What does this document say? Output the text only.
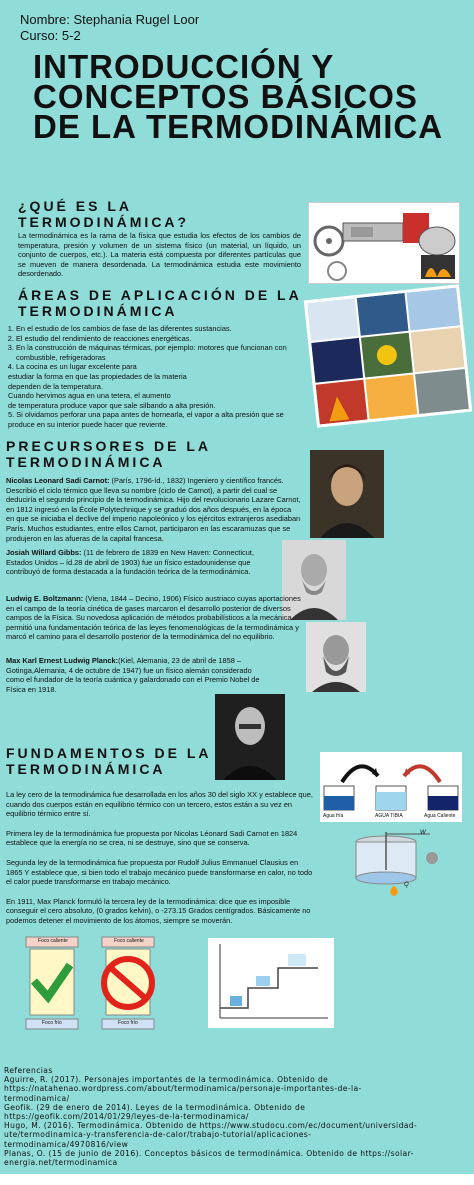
Nombre: Stephania Rugel Loor
Curso: 5-2
INTRODUCCIÓN Y CONCEPTOS BÁSICOS DE LA TERMODINÁMICA
¿QUÉ ES LA
TERMODINÁMICA?
La termodinámica es la rama de la física que estudia los efectos de los cambios de temperatura, presión y volumen de un sistema físico (un material, un líquido, un conjunto de cuerpos, etc.). La materia está compuesta por diferentes partículas que se mueven de manera desordenada. La termodinámica estudia este movimiento desordenado.
ÁREAS DE APLICACIÓN DE LA
TERMODINÁMICA
1. En el estudio de los cambios de fase de las diferentes sustancias.
2. El estudio del rendimiento de reacciones energéticas.
3. En la construcción de máquinas térmicas, por ejemplo: motores que funcionan con combustible, refrigeradoras
4. La cocina es un lugar excelente para
estudiar la forma en que las propiedades de la materia
dependen de la temperatura.
Cuando hervimos agua en una tetera, el aumento
de temperatura produce vapor que sale silbando a alta presión.
5. Si olvidamos perforar una papa antes de hornearla, el vapor a alta presión que se
produce en su interior puede hacer que reviente.
PRECURSORES DE LA
TERMODINÁMICA
Nicolas Leonard Sadi Carnot: (París, 1796-íd., 1832) Ingeniero y científico francés. Describió el ciclo térmico que lleva su nombre (ciclo de Carnot), a partir del cual se deduciría el segundo principio de la termodinámica. Hijo del revolucionario Lazare Carnot, en 1812 ingresó en la École Polytechnique y se graduó dos años después, en la época en que se iniciaba el declive del imperio napoleónico y los ejércitos extranjeros asediaban París. Muchos estudiantes, entre ellos Carnot, participaron en las escaramuzas que se produjeron en las afueras de la capital francesa.
Josiah Willard Gibbs: (11 de febrero de 1839 en New Haven: Connecticut, Estados Unidos – íd.28 de abril de 1903) fue un físico estadounidense que contribuyó de forma destacada a la fundación teórica de la termodinámica.
Ludwig E. Boltzmann: (Viena, 1844 – Decino, 1906) Físico austriaco cuyas aportaciones en el campo de la teoría cinética de gases marcaron el desarrollo posterior de diversos campos de la Física. Su novedosa aplicación de métodos probabilísticos a la mecánica permitió una fundamentación teórica de las leyes fenomenológicas de la termodinámica y marcó el camino para el desarrollo posterior de la termodinámica del no equilibrio.
Max Karl Ernest Ludwig Planck:(Kiel, Alemania, 23 de abril de 1858 – Gotinga,Alemania, 4 de octubre de 1947) fue un físico alemán considerado como el fundador de la teoría cuántica y galardonado con el Premio Nobel de Física en 1918.
FUNDAMENTOS DE LA
TERMODINÁMICA

La ley cero de la termodinámica fue desarrollada en los años 30 del siglo XX y establece que, cuando dos cuerpos están en equilibrio térmico con un tercero, estos están a su vez en equilibrio térmico entre sí.

Primera ley de la termodinámica fue propuesta por Nicolas Léonard Sadi Carnot en 1824 establece que la energía no se crea, ni se destruye, sino que se conserva.

Segunda ley de la termodinámica fue propuesta por Rudolf Julius Emmanuel Clausius en 1865 Y establece que, si bien todo el trabajo mecánico puede transformarse en calor, no todo el calor puede transformarse en trabajo mecánico.

En 1911, Max Planck formuló la tercera ley de la termodinámica: dice que es imposible conseguir el cero absoluto, (0 grados kelvin), o -273.15 Grados centígrados. Básicamente no podemos detener el movimiento de los átomos, siempre se moverán.

Agua fría	AGUA TIBIA	Agua Caliente
W
Q
Foco caliente
Foco frío
Foco caliente
Foco frío
Referencias
Aguirre, R. (2017). Personajes importantes de la termodinámica. Obtenido de
https://natahenao.wordpress.com/about/termodinamica/personaje-importantes-de-la-
termodinamica/
Geofik. (29 de enero de 2014). Leyes de la termodinámica. Obtenido de
https://geofik.com/2014/01/29/leyes-de-la-termodinamica/
Hugo, M. (2016). Termodinámica. Obtenido de https://www.studocu.com/ec/document/universidad-
ute/termodinamica-y-transferencia-de-calor/trabajo-tutorial/aplicaciones-
termodinamica/4970816/view
Planas, O. (15 de junio de 2016). Conceptos básicos de termodinámica. Obtenido de https://solar-
energia.net/termodinamica
